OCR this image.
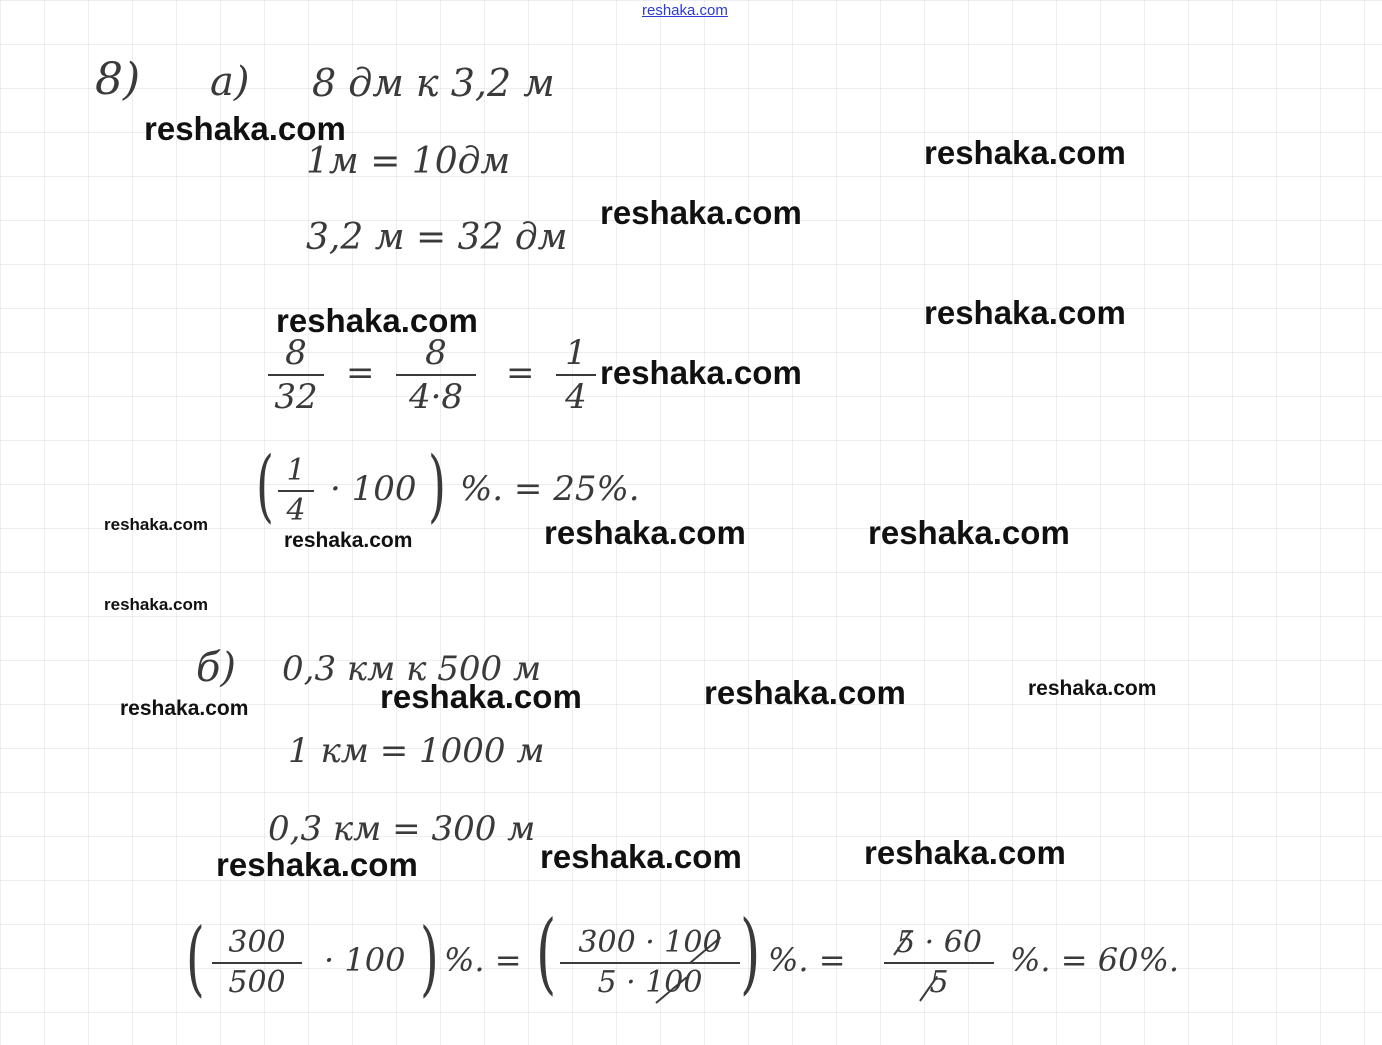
reshaka.com
8) а) 8 дм к 3,2 м
1м = 10дм
3,2 м = 32 дм
8
32
=	8
4·8
= 1
4
( 1
4
· 100 ) %. = 25%.
б) 0,3 км к 500 м
1 км = 1000 м
0,3 км = 300 м
( 300
500
· 100 ) %. = ( 300 · 100
5 · 100 ) %. =	5 · 60
5
%. = 60%.
reshaka.com
reshaka.com
reshaka.com
reshaka.com	reshaka.com
reshaka.com
reshaka.com
reshaka.com	reshaka.com	reshaka.com
reshaka.com
reshaka.com	reshaka.com	reshaka.com
reshaka.com
reshaka.com	reshaka.com	reshaka.com
